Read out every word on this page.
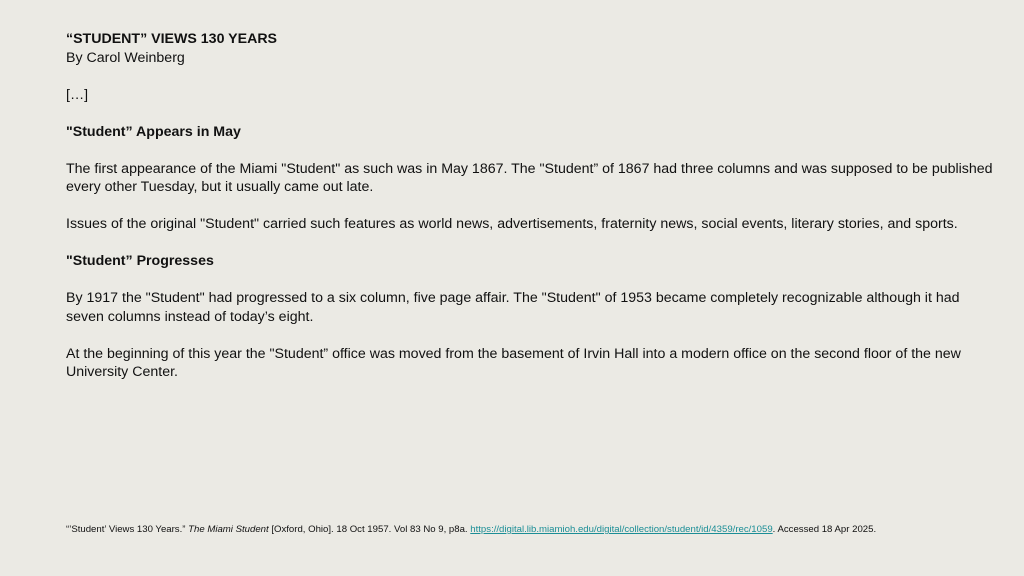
“STUDENT” VIEWS 130 YEARS

By Carol Weinberg

[…]

"Student” Appears in May

The first appearance of the Miami "Student" as such was in May 1867. The "Student” of 1867 had three columns and was supposed to be published every other Tuesday, but it usually came out late.

Issues of the original "Student" carried such features as world news, advertisements, fraternity news, social events, literary stories, and sports.

"Student” Progresses

By 1917 the "Student" had progressed to a six column, five page affair. The "Student" of 1953 became completely recognizable although it had seven columns instead of today’s eight.

At the beginning of this year the "Student” office was moved from the basement of Irvin Hall into a modern office on the second floor of the new University Center.

“’Student’ Views 130 Years.” The Miami Student [Oxford, Ohio]. 18 Oct 1957. Vol 83 No 9, p8a. https://digital.lib.miamioh.edu/digital/collection/student/id/4359/rec/1059. Accessed 18 Apr 2025.
